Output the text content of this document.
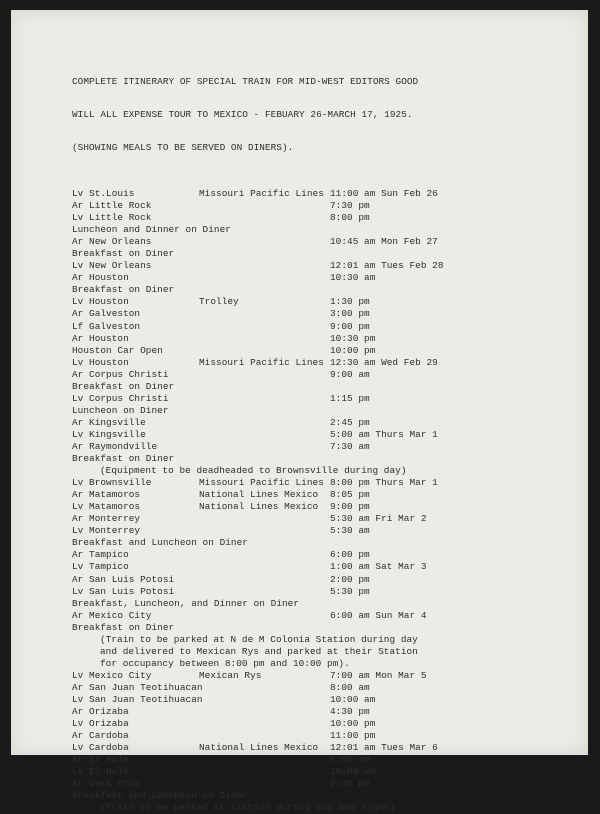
COMPLETE ITINERARY OF SPECIAL TRAIN FOR MID-WEST EDITORS GOOD

WILL ALL EXPENSE TOUR TO MEXICO - FEBUARY 26-MARCH 17, 1925.

(SHOWING MEALS TO BE SERVED ON DINERS).

Lv St.Louis	Missouri Pacific Lines 11:00 am Sun Feb 26
Ar Little Rock	7:30 pm
Lv Little Rock	8:00 pm
Luncheon and Dinner on Diner
Ar New Orleans	10:45 am Mon Feb 27
Breakfast on Diner
Lv New Orleans	12:01 am Tues Feb 28
Ar Houston	10:30 am
Breakfast on Diner
Lv Houston	Trolley	1:30 pm
Ar Galveston	3:00 pm
Lf Galveston	9:00 pm
Ar Houston	10:30 pm
Houston Car Open	10:00 pm
Lv Houston	Missouri Pacific Lines 12:30 am Wed Feb 29
Ar Corpus Christi	9:00 am
Breakfast on Diner
Lv Corpus Christi	1:15 pm
Luncheon on Diner
Ar Kingsville	2:45 pm
Lv Kingsville	5:00 am Thurs Mar 1
Ar Raymondville	7:30 am
Breakfast on Diner
(Equipment to be deadheaded to Brownsville during day)
Lv Brownsville	Missouri Pacific Lines 8:00 pm Thurs Mar 1
Ar Matamoros	National Lines Mexico 8:05 pm
Lv Matamoros	National Lines Mexico 9:00 pm
Ar Monterrey	5:30 am Fri Mar 2
Lv Monterrey	5:30 am
Breakfast and Luncheon on Diner
Ar Tampico	6:00 pm
Lv Tampico	1:00 am Sat Mar 3
Ar San Luis Potosi	2:00 pm
Lv San Luis Potosi	5:30 pm
Breakfast, Luncheon, and Dinner on Diner
Ar Mexico City	6:00 am Sun Mar 4
Breakfast on Diner
(Train to be parked at N de M Colonia Station during day
and delivered to Mexican Rys and parked at their Station
for occupancy between 8:00 pm and 10:00 pm).
Lv Mexico City	Mexican Rys	7:00 am Mon Mar 5
Ar San Juan Teotihuacan	8:00 am
Lv San Juan Teotihuacan	10:00 am
Ar Orizaba	4:30 pm
Lv Orizaba	10:00 pm
Ar Cardoba	11:00 pm
Lv Cardoba	National Lines Mexico 12:01 am Tues Mar 6
Ar El Hule	6:00 am
Lv El Hule	10:00 am
Ar Vera Cruz	2:45 pm
Breakfast and Luncheon on Diner
(Train to be parked at station during day and night)
